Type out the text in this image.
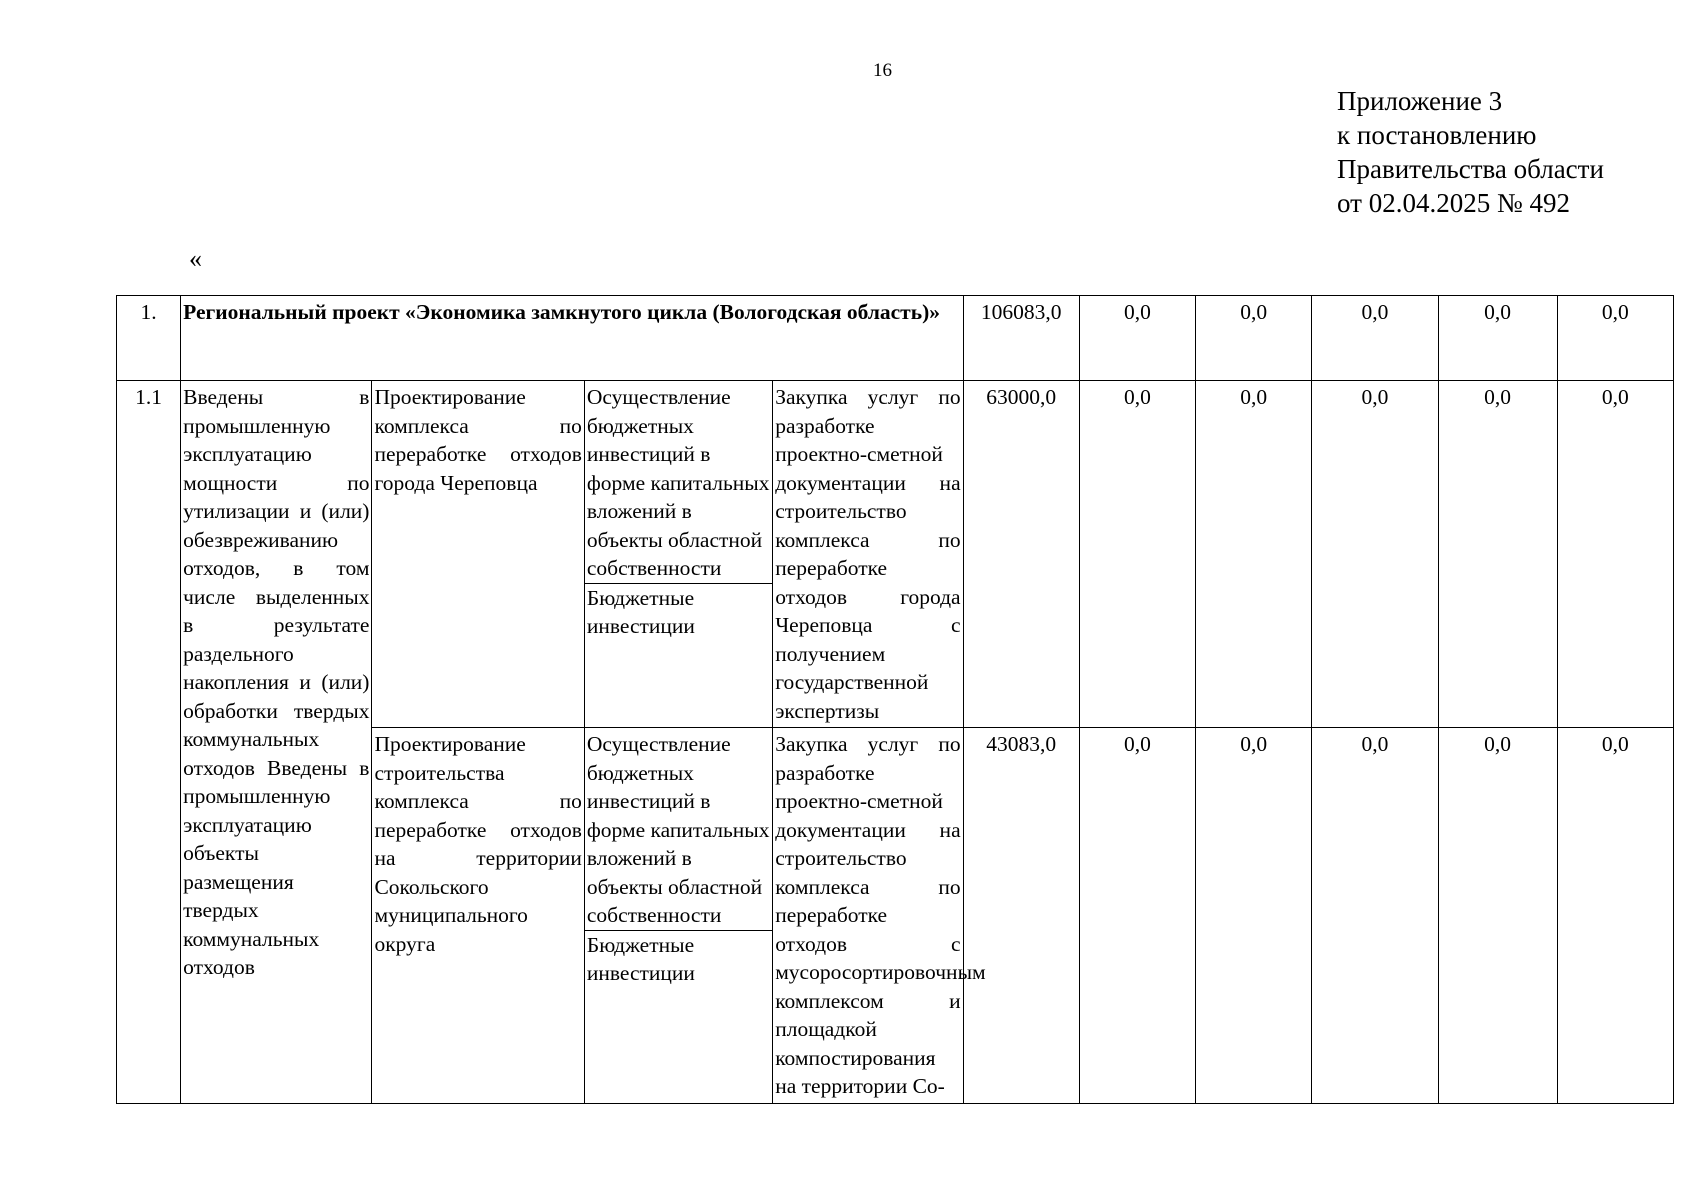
16
Приложение 3
к постановлению
Правительства области
от 02.04.2025 № 492
«
1.	Региональный проект «Экономика замкнутого цикла (Вологодская область)»				106083,0	0,0	0,0	0,0	0,0	0,0
1.1	Введены в промышленную эксплуатацию мощности по утилизации и (или) обезвреживанию отходов, в том числе выделенных в результате раздельного накопления и (или) обработки твердых коммунальных отходов Введены в промышленную эксплуатацию объекты размещения твердых коммунальных отходов	Проектирование комплекса по переработке отходов города Череповца	Осуществление бюджетных инвестиций в форме капитальных вложений в объекты областной собственности
Бюджетные инвестиции	Закупка услуг по разработке проектно-сметной документации на строительство комплекса по переработке отходов города Череповца с получением государственной экспертизы	63000,0	0,0	0,0	0,0	0,0	0,0
		Проектирование строительства комплекса по переработке отходов на территории Сокольского муниципального округа	Осуществление бюджетных инвестиций в форме капитальных вложений в объекты областной собственности
Бюджетные инвестиции	Закупка услуг по разработке проектно-сметной документации на строительство комплекса по переработке отходов с мусоросортировочным комплексом и площадкой компостирования на территории Со-	43083,0	0,0	0,0	0,0	0,0	0,0
